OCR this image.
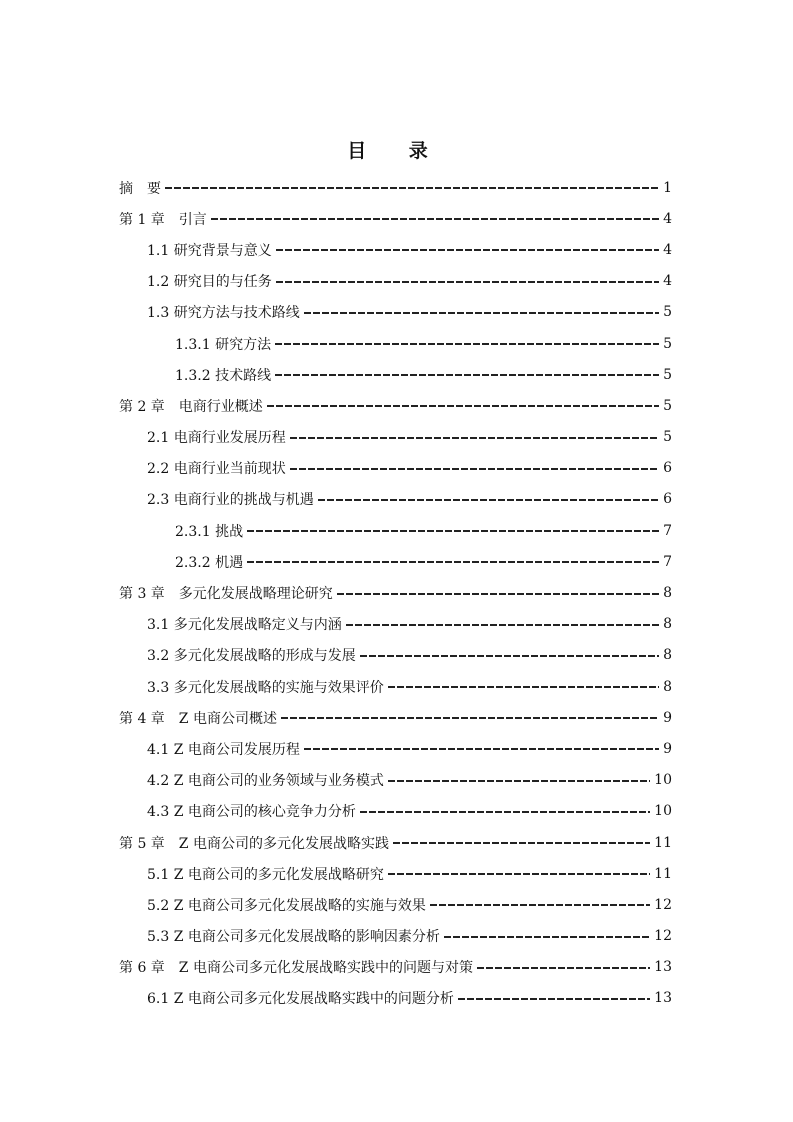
目 录
摘　要	1
第 1 章　引言	4
1.1 研究背景与意义	4
1.2 研究目的与任务	4
1.3 研究方法与技术路线	5
1.3.1 研究方法	5
1.3.2 技术路线	5
第 2 章　电商行业概述	5
2.1 电商行业发展历程	5
2.2 电商行业当前现状	6
2.3 电商行业的挑战与机遇	6
2.3.1 挑战	7
2.3.2 机遇	7
第 3 章　多元化发展战略理论研究	8
3.1 多元化发展战略定义与内涵	8
3.2 多元化发展战略的形成与发展	8
3.3 多元化发展战略的实施与效果评价	8
第 4 章　Z 电商公司概述	9
4.1 Z 电商公司发展历程	9
4.2 Z 电商公司的业务领域与业务模式	10
4.3 Z 电商公司的核心竞争力分析	10
第 5 章　Z 电商公司的多元化发展战略实践	11
5.1 Z 电商公司的多元化发展战略研究	11
5.2 Z 电商公司多元化发展战略的实施与效果	12
5.3 Z 电商公司多元化发展战略的影响因素分析	12
第 6 章　Z 电商公司多元化发展战略实践中的问题与对策	13
6.1 Z 电商公司多元化发展战略实践中的问题分析	13
